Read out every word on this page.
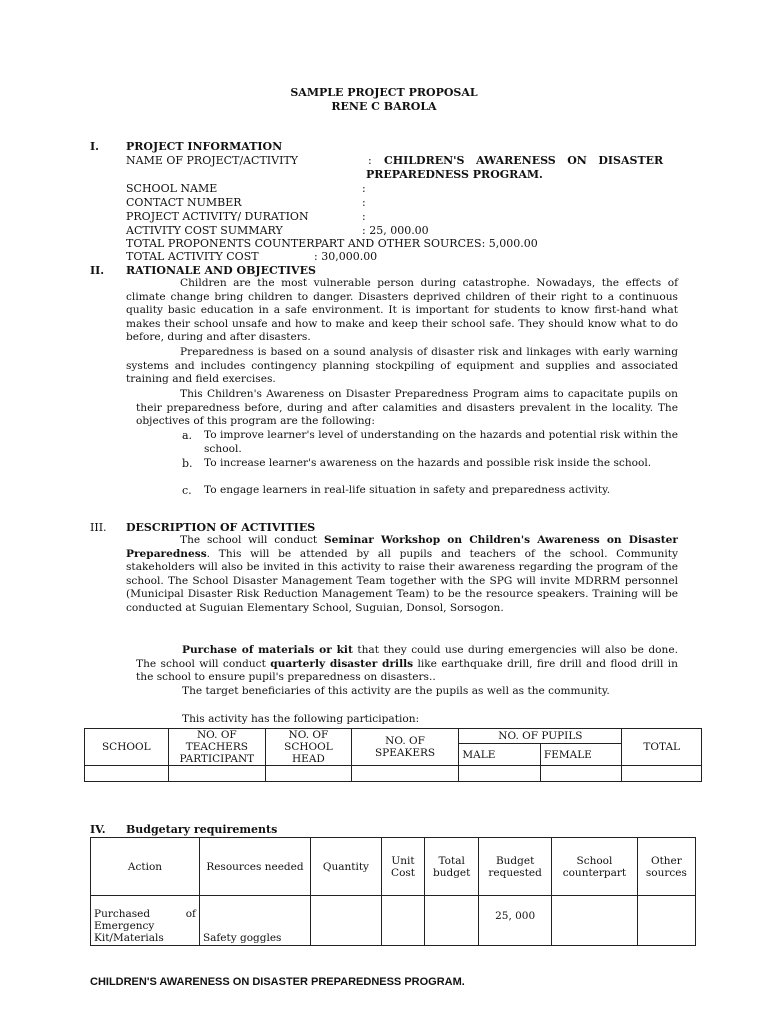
SAMPLE PROJECT PROPOSAL
RENE C BAROLA
I. PROJECT INFORMATION
NAME OF PROJECT/ACTIVITY	: CHILDREN'S   AWARENESS   ON   DISASTER
PREPAREDNESS PROGRAM.
SCHOOL NAME	:
CONTACT NUMBER	:
PROJECT ACTIVITY/ DURATION	:
ACTIVITY COST SUMMARY	: 25, 000.00
TOTAL PROPONENTS COUNTERPART AND OTHER SOURCES: 5,000.00
TOTAL ACTIVITY COST	: 30,000.00
II. RATIONALE AND OBJECTIVES
Children are the most vulnerable person during catastrophe. Nowadays, the effects of climate change bring children to danger. Disasters deprived children of their right to a continuous quality basic education in a safe environment. It is important for students to know first-hand what makes their school unsafe and how to make and keep their school safe. They should know what to do before, during and after disasters.
Preparedness is based on a sound analysis of disaster risk and linkages with early warning systems and includes contingency planning stockpiling of equipment and supplies and associated training and field exercises.
This Children's Awareness on Disaster Preparedness Program aims to capacitate pupils on their preparedness before, during and after calamities and disasters prevalent in the locality. The objectives of this program are the following:
a. To improve learner's level of understanding on the hazards and potential risk within the school.
b. To increase learner's awareness on the hazards and possible risk inside the school.
c. To engage learners in real-life situation in safety and preparedness activity.
III. DESCRIPTION OF ACTIVITIES
The school will conduct Seminar Workshop on Children's Awareness on Disaster Preparedness. This will be attended by all pupils and teachers of the school. Community stakeholders will also be invited in this activity to raise their awareness regarding the program of the school. The School Disaster Management Team together with the SPG will invite MDRRM personnel (Municipal Disaster Risk Reduction Management Team) to be the resource speakers. Training will be conducted at Suguian Elementary School, Suguian, Donsol, Sorsogon.
Purchase of materials or kit that they could use during emergencies will also be done. The school will conduct quarterly disaster drills like earthquake drill, fire drill and flood drill in the school to ensure pupil's preparedness on disasters..
The target beneficiaries of this activity are the pupils as well as the community.
This activity has the following participation:
SCHOOL	NO. OF TEACHERS PARTICIPANT	NO. OF SCHOOL HEAD	NO. OF SPEAKERS	NO. OF PUPILS		TOTAL
				MALE	FEMALE	

IV. Budgetary requirements
Action	Resources needed	Quantity	Unit Cost	Total budget	Budget requested	School counterpart	Other sources
Purchased of Emergency Kit/Materials	Safety goggles				25, 000		
CHILDREN'S AWARENESS ON DISASTER PREPAREDNESS PROGRAM.
